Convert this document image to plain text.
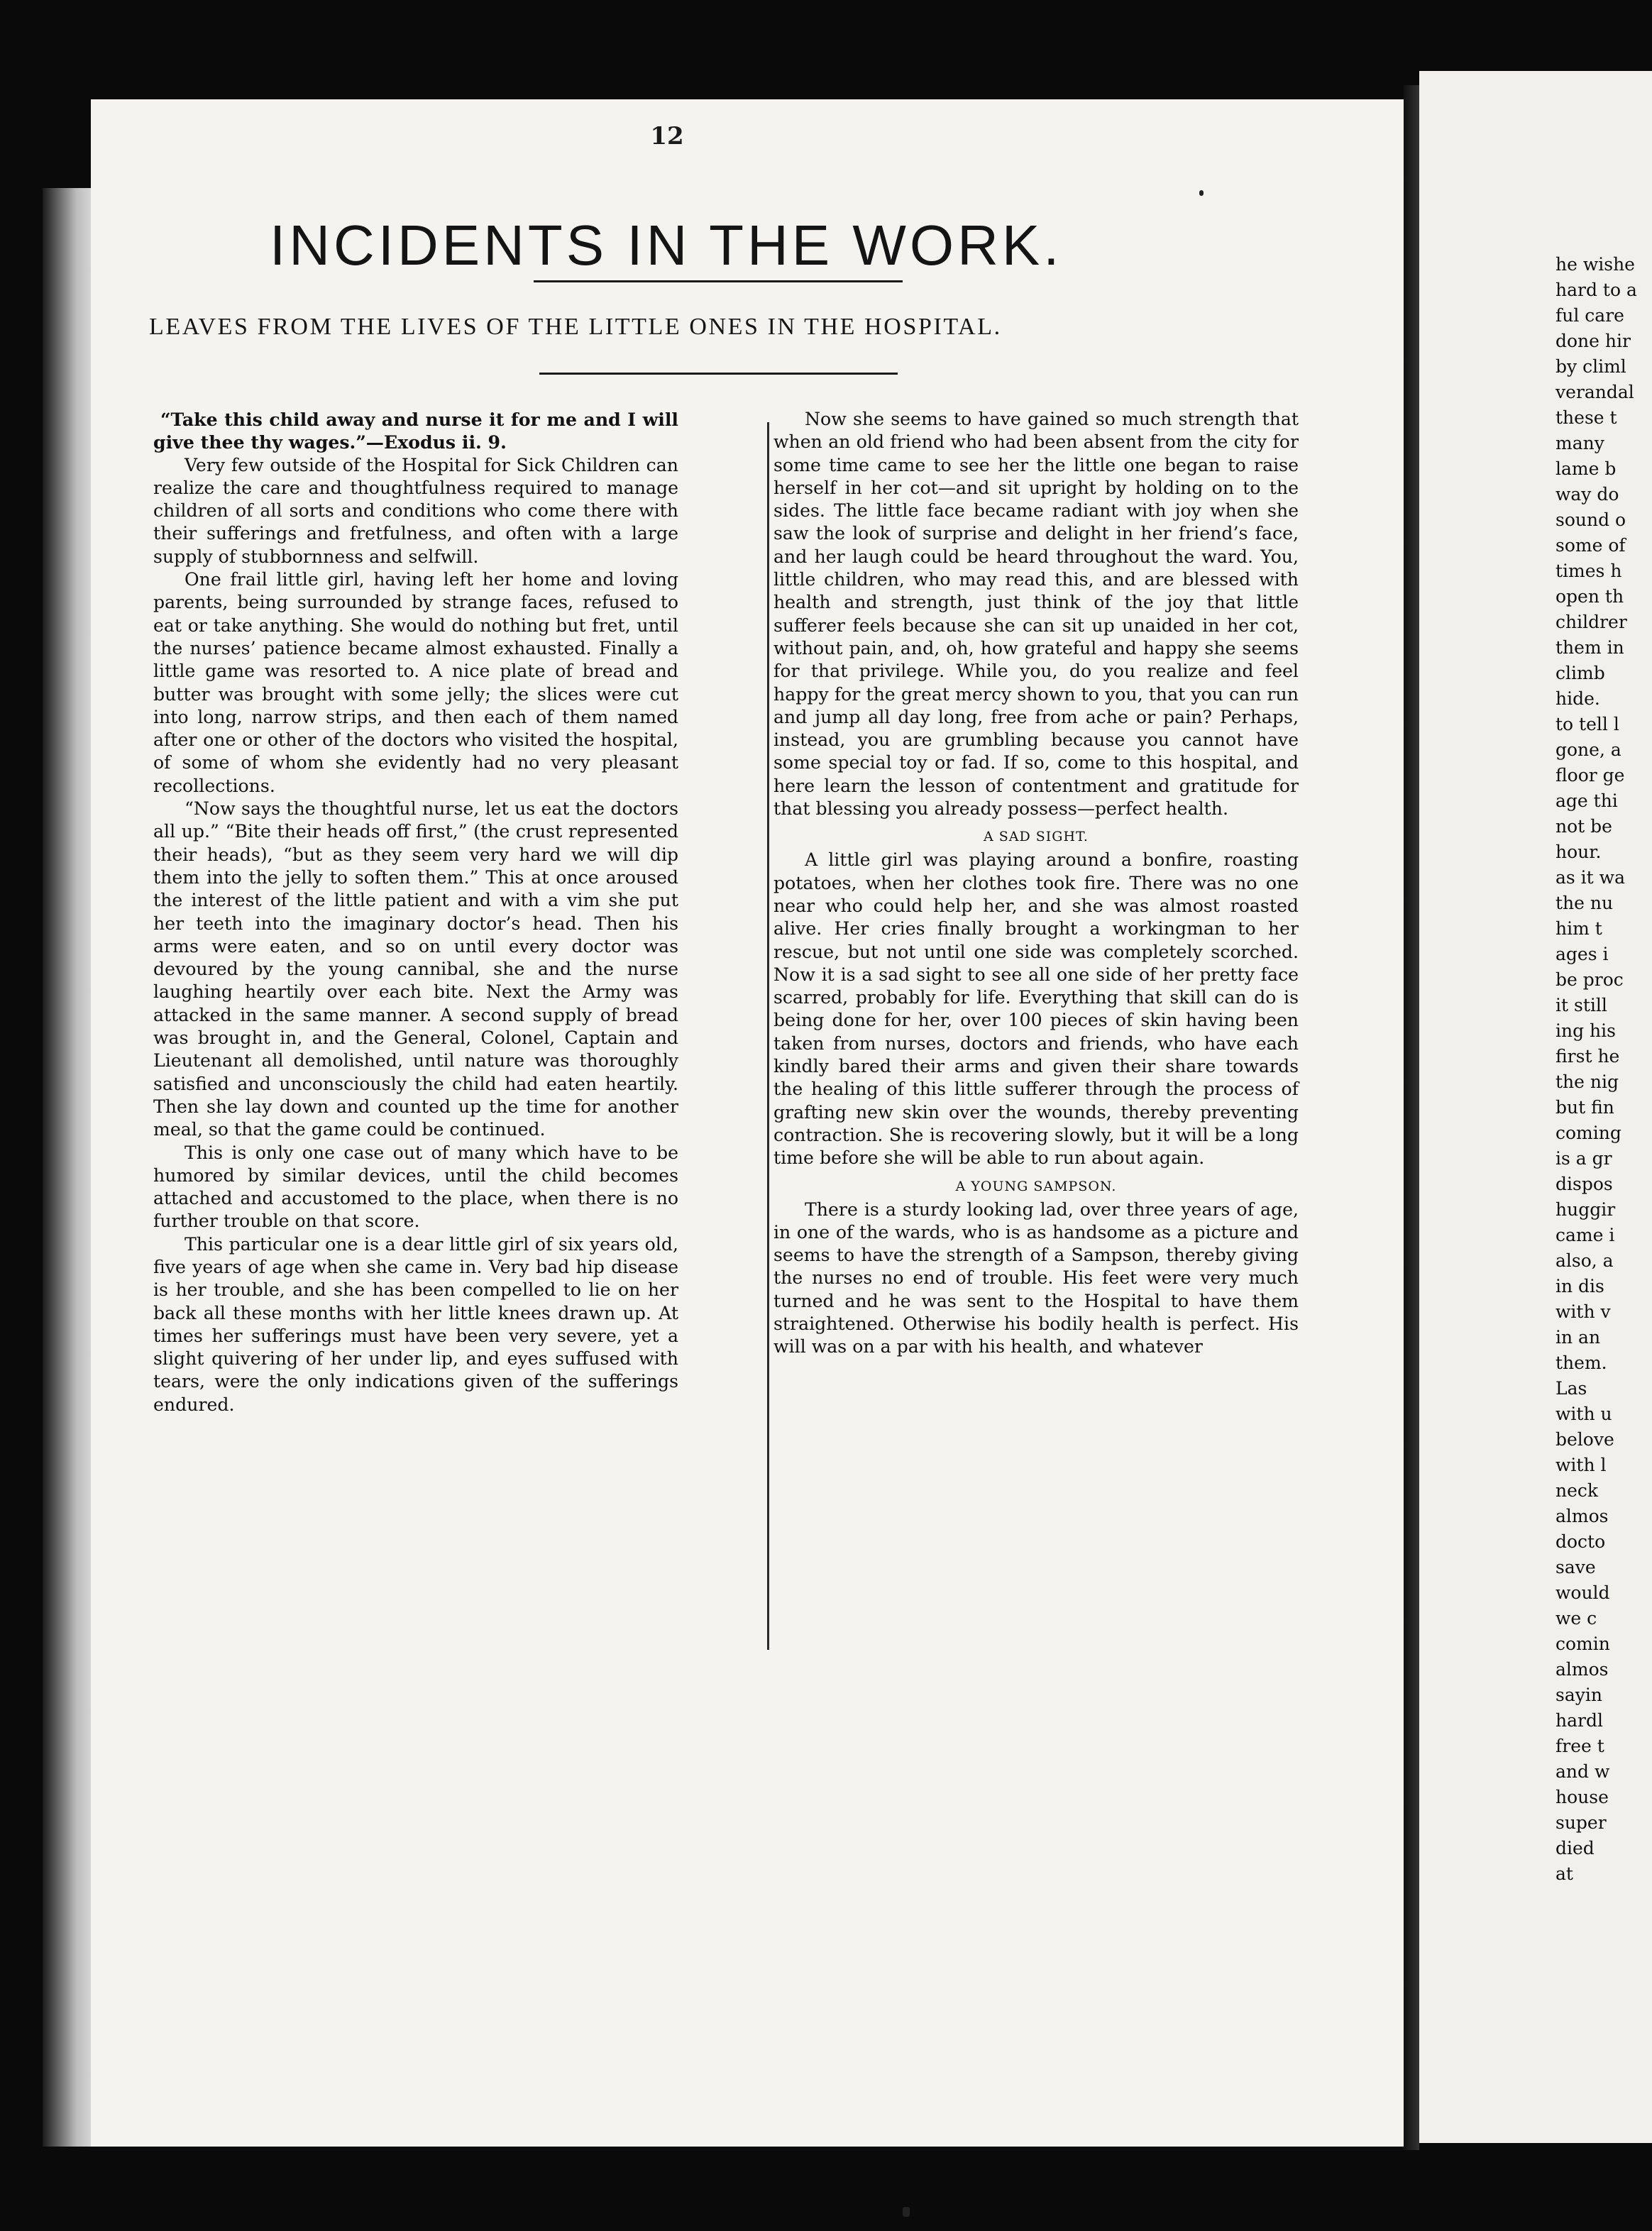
12
INCIDENTS IN THE WORK.
LEAVES FROM THE LIVES OF THE LITTLE ONES IN THE HOSPITAL.

“Take this child away and nurse it for me and I will give thee thy wages.”—Exodus ii. 9.

Very few outside of the Hospital for Sick Children can realize the care and thoughtfulness required to manage children of all sorts and conditions who come there with their sufferings and fretfulness, and often with a large supply of stubbornness and selfwill.

One frail little girl, having left her home and loving parents, being surrounded by strange faces, refused to eat or take anything. She would do nothing but fret, until the nurses’ patience became almost exhausted. Finally a little game was resorted to. A nice plate of bread and butter was brought with some jelly; the slices were cut into long, narrow strips, and then each of them named after one or other of the doctors who visited the hospital, of some of whom she evidently had no very pleasant recollections.

“Now says the thoughtful nurse, let us eat the doctors all up.” “Bite their heads off first,” (the crust represented their heads), “but as they seem very hard we will dip them into the jelly to soften them.” This at once aroused the interest of the little patient and with a vim she put her teeth into the imaginary doctor’s head. Then his arms were eaten, and so on until every doctor was devoured by the young cannibal, she and the nurse laughing heartily over each bite. Next the Army was attacked in the same manner. A second supply of bread was brought in, and the General, Colonel, Captain and Lieutenant all demolished, until nature was thoroughly satisfied and unconsciously the child had eaten heartily. Then she lay down and counted up the time for another meal, so that the game could be continued.

This is only one case out of many which have to be humored by similar devices, until the child becomes attached and accustomed to the place, when there is no further trouble on that score.

This particular one is a dear little girl of six years old, five years of age when she came in. Very bad hip disease is her trouble, and she has been compelled to lie on her back all these months with her little knees drawn up. At times her sufferings must have been very severe, yet a slight quivering of her under lip, and eyes suffused with tears, were the only indications given of the sufferings endured.

Now she seems to have gained so much strength that when an old friend who had been absent from the city for some time came to see her the little one began to raise herself in her cot—and sit upright by holding on to the sides. The little face became radiant with joy when she saw the look of surprise and delight in her friend’s face, and her laugh could be heard throughout the ward. You, little children, who may read this, and are blessed with health and strength, just think of the joy that little sufferer feels because she can sit up unaided in her cot, without pain, and, oh, how grateful and happy she seems for that privilege. While you, do you realize and feel happy for the great mercy shown to you, that you can run and jump all day long, free from ache or pain? Perhaps, instead, you are grumbling because you cannot have some special toy or fad. If so, come to this hospital, and here learn the lesson of contentment and gratitude for that blessing you already possess—perfect health.

A SAD SIGHT.

A little girl was playing around a bonfire, roasting potatoes, when her clothes took fire. There was no one near who could help her, and she was almost roasted alive. Her cries finally brought a workingman to her rescue, but not until one side was completely scorched. Now it is a sad sight to see all one side of her pretty face scarred, probably for life. Everything that skill can do is being done for her, over 100 pieces of skin having been taken from nurses, doctors and friends, who have each kindly bared their arms and given their share towards the healing of this little sufferer through the process of grafting new skin over the wounds, thereby preventing contraction. She is recovering slowly, but it will be a long time before she will be able to run about again.

A YOUNG SAMPSON.

There is a sturdy looking lad, over three years of age, in one of the wards, who is as handsome as a picture and seems to have the strength of a Sampson, thereby giving the nurses no end of trouble. His feet were very much turned and he was sent to the Hospital to have them straightened. Otherwise his bodily health is perfect. His will was on a par with his health, and whatever

he wishe
hard to a
ful care
done hir
by climl
verandal
these t
many
lame b
way do
sound o
some of
times h
open th
childrer
them in
climb
hide.
to tell l
gone, a
floor ge
age thi
not be
hour.
as it wa
the nu
him t
ages i
be proc
it still
ing his
first he
the nig
but fin
coming
is a gr
dispos
huggir
came i
also, a
in dis
with v
in an
them.
Las
with u
belove
with l
neck
almos
docto
save
would
we c
comin
almos
sayin
hardl
free t
and w
house
super
died
at
